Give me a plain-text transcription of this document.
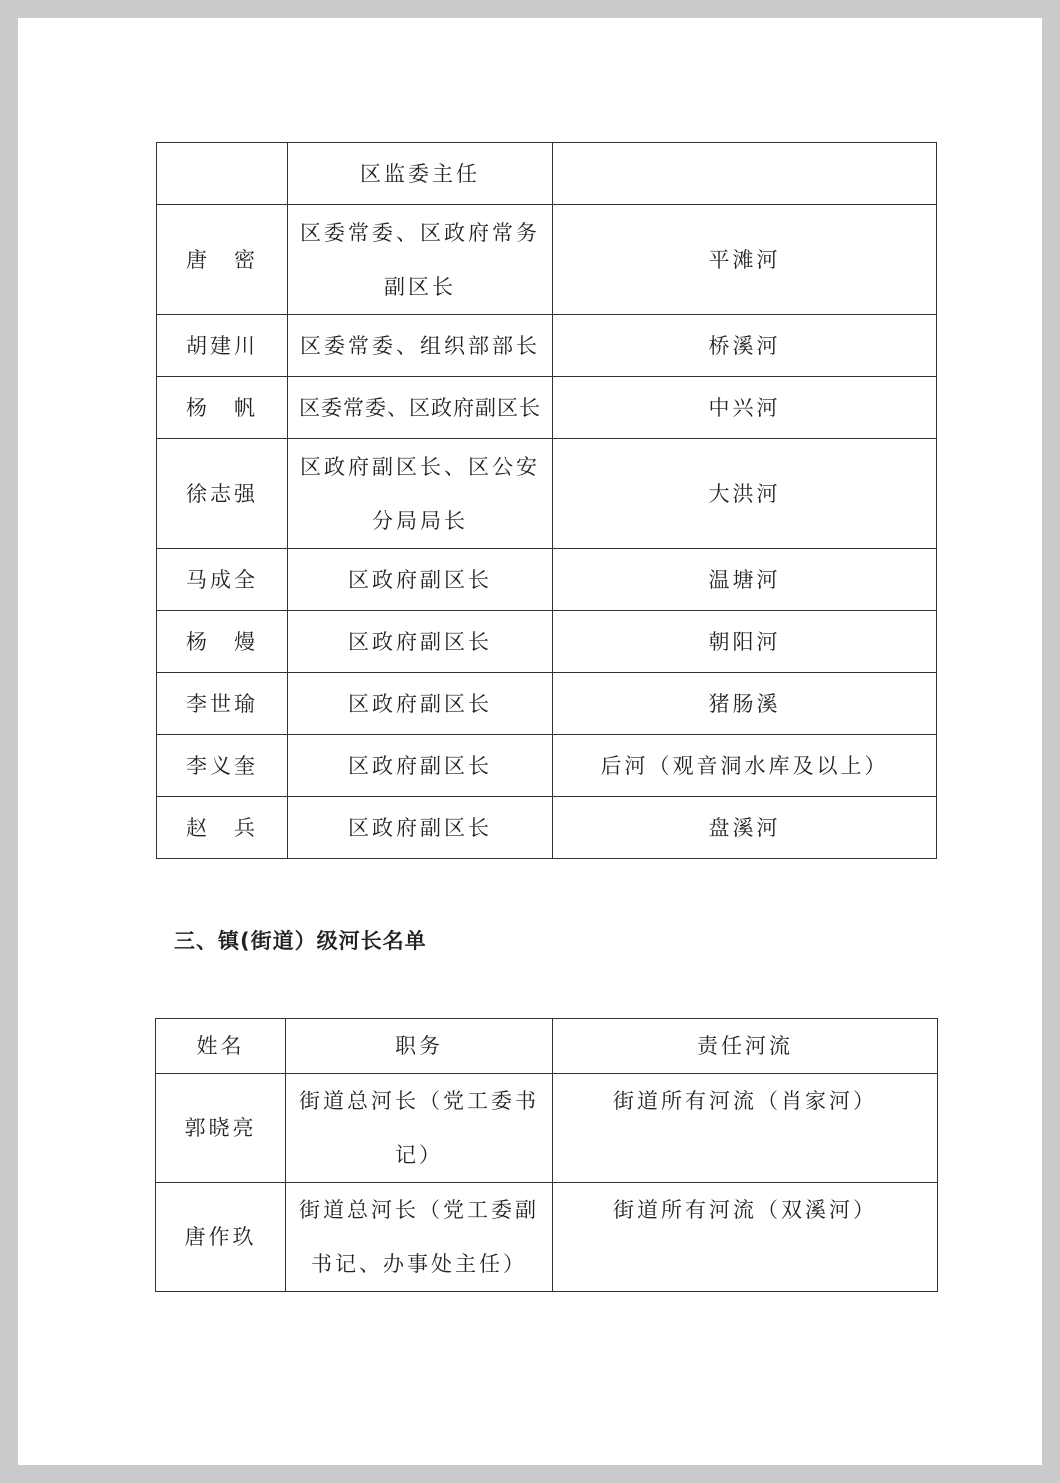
	区监委主任	
唐　密	区委常委、区政府常务副区长	平滩河
胡建川	区委常委、组织部部长	桥溪河
杨　帆	区委常委、区政府副区长	中兴河
徐志强	区政府副区长、区公安分局局长	大洪河
马成全	区政府副区长	温塘河
杨　熳	区政府副区长	朝阳河
李世瑜	区政府副区长	猪肠溪
李义奎	区政府副区长	后河（观音洞水库及以上）
赵　兵	区政府副区长	盘溪河
三、镇(街道）级河长名单
姓名	职务	责任河流
郭晓亮	街道总河长（党工委书记）	街道所有河流（肖家河）
唐作玖	街道总河长（党工委副书记、办事处主任）	街道所有河流（双溪河）
